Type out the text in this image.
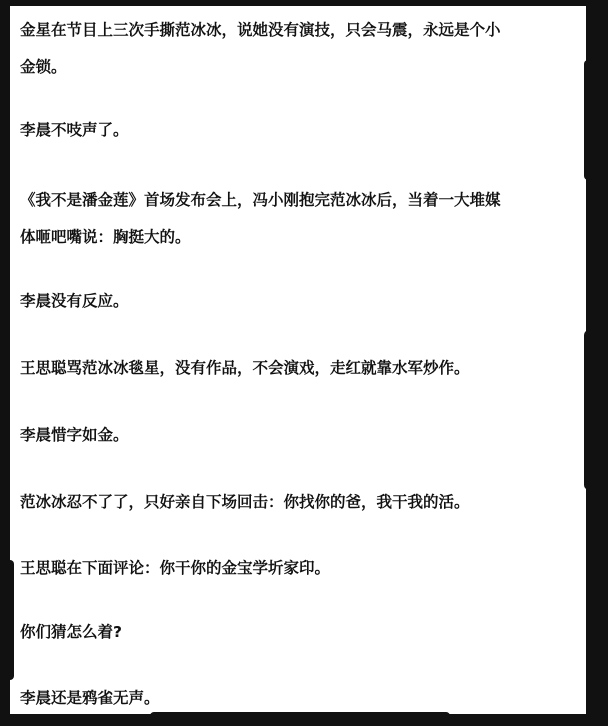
金星在节目上三次手撕范冰冰，说她没有演技，只会马震，永远是个小
金锁。

李晨不吱声了。

《我不是潘金莲》首场发布会上，冯小刚抱完范冰冰后，当着一大堆媒
体咂吧嘴说：胸挺大的。

李晨没有反应。

王思聪骂范冰冰毯星，没有作品，不会演戏，走红就靠水军炒作。

李晨惜字如金。

范冰冰忍不了了，只好亲自下场回击：你找你的爸，我干我的活。

王思聪在下面评论：你干你的金宝学圻家印。

你们猜怎么着?

李晨还是鸦雀无声。
